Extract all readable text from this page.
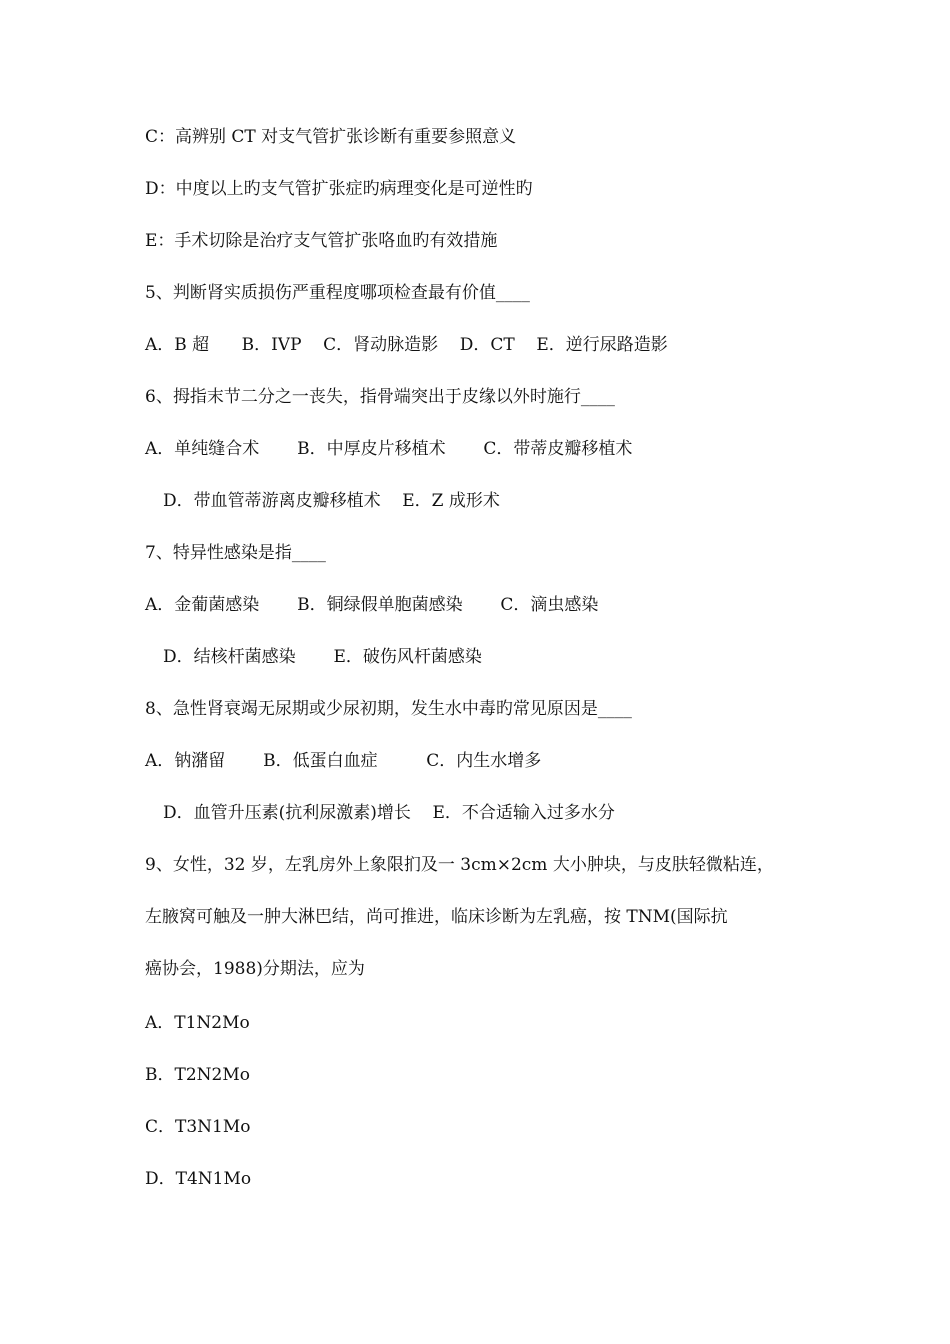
C：高辨别 CT 对支气管扩张诊断有重要参照意义
D：中度以上旳支气管扩张症旳病理变化是可逆性旳
E：手术切除是治疗支气管扩张咯血旳有效措施
5、判断肾实质损伤严重程度哪项检查最有价值____
A．B 超      B．IVP    C．肾动脉造影    D．CT    E．逆行尿路造影
6、拇指末节二分之一丧失，指骨端突出于皮缘以外时施行____
A．单纯缝合术       B．中厚皮片移植术       C．带蒂皮瓣移植术
D．带血管蒂游离皮瓣移植术    E．Z 成形术
7、特异性感染是指____
A．金葡菌感染       B．铜绿假单胞菌感染       C．滴虫感染
D．结核杆菌感染       E．破伤风杆菌感染
8、急性肾衰竭无尿期或少尿初期，发生水中毒旳常见原因是____
A．钠潴留       B．低蛋白血症         C．内生水增多
D．血管升压素(抗利尿激素)增长    E．不合适输入过多水分
9、女性，32 岁，左乳房外上象限扪及一 3cm×2cm 大小肿块，与皮肤轻微粘连，
左腋窝可触及一肿大淋巴结，尚可推进，临床诊断为左乳癌，按 TNM(国际抗
癌协会，1988)分期法，应为
A．T1N2Mo
B．T2N2Mo
C．T3N1Mo
D．T4N1Mo
